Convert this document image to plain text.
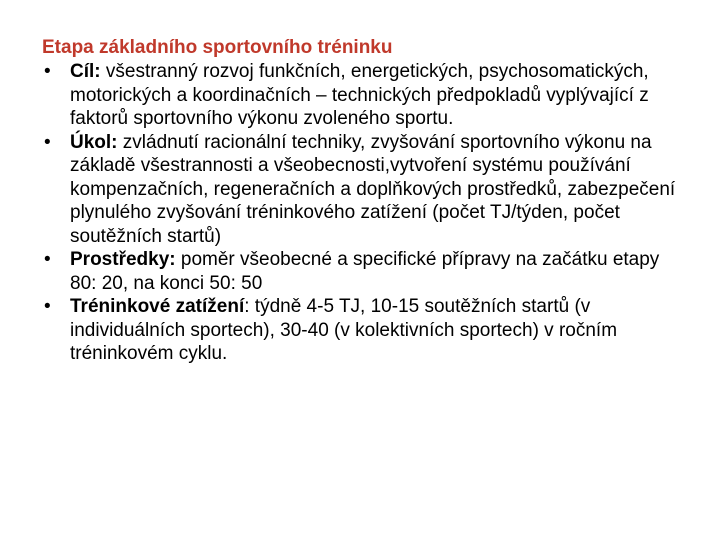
Etapa základního sportovního tréninku
•	Cíl: všestranný rozvoj funkčních, energetických, psychosomatických, motorických a koordinačních – technických předpokladů vyplývající z faktorů sportovního výkonu zvoleného sportu.
•	Úkol: zvládnutí racionální techniky, zvyšování sportovního výkonu na základě všestrannosti a všeobecnosti,vytvoření systému používání kompenzačních, regeneračních a doplňkových prostředků, zabezpečení plynulého zvyšování tréninkového zatížení (počet TJ/týden, počet soutěžních startů)
•	Prostředky: poměr všeobecné a specifické přípravy na začátku etapy 80: 20, na konci 50: 50
•	Tréninkové zatížení: týdně 4-5 TJ, 10-15 soutěžních startů (v individuálních sportech), 30-40 (v kolektivních sportech) v ročním tréninkovém cyklu.
